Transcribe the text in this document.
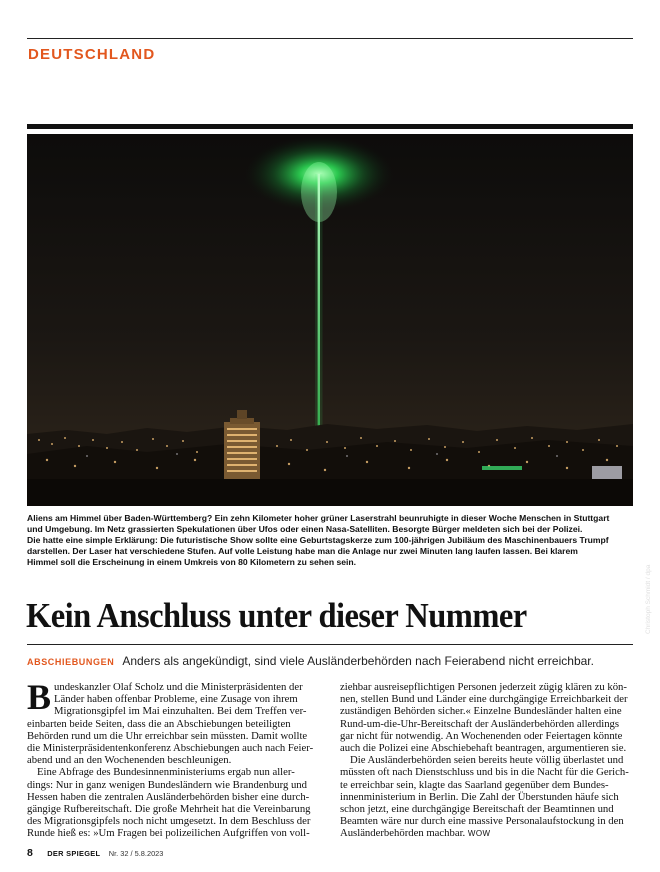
DEUTSCHLAND
Christoph Schmidt / dpa

Aliens am Himmel über Baden-Württemberg? Ein zehn Kilometer hoher grüner Laserstrahl beunruhigte in dieser Woche Menschen in Stuttgart

und Umgebung. Im Netz grassierten Spekulationen über Ufos oder einen Nasa-Satelliten. Besorgte Bürger meldeten sich bei der Polizei.

Die hatte eine simple Erklärung: Die futuristische Show sollte eine Geburtstagskerze zum 100-jährigen Jubiläum des Maschinenbauers Trumpf

darstellen. Der Laser hat verschiedene Stufen. Auf volle Leistung habe man die Anlage nur zwei Minuten lang laufen lassen. Bei klarem

Himmel soll die Erscheinung in einem Umkreis von 80 Kilometern zu sehen sein.

Kein Anschluss unter dieser Nummer
ABSCHIEBUNGEN Anders als angekündigt, sind viele Ausländerbehörden nach Feierabend nicht erreichbar.
B undeskanzler Olaf Scholz und die Ministerpräsidenten der

Länder haben offenbar Probleme, eine Zusage von ihrem

Migrationsgipfel im Mai einzuhalten. Bei dem Treffen ver-

einbarten beide Seiten, dass die an Abschiebungen beteiligten

Behörden rund um die Uhr erreichbar sein müssten. Damit wollte

die Ministerpräsidentenkonferenz Abschiebungen auch nach Feier-

abend und an den Wochenenden beschleunigen.

Eine Abfrage des Bundesinnenministeriums ergab nun aller-

dings: Nur in ganz wenigen Bundesländern wie Brandenburg und

Hessen haben die zentralen Ausländerbehörden bisher eine durch-

gängige Rufbereitschaft. Die große Mehrheit hat die Vereinbarung

des Migrationsgipfels noch nicht umgesetzt. In dem Beschluss der

Runde hieß es: »Um Fragen bei polizeilichen Aufgriffen von voll-

ziehbar ausreisepflichtigen Personen jederzeit zügig klären zu kön-

nen, stellen Bund und Länder eine durchgängige Erreichbarkeit der

zuständigen Behörden sicher.« Einzelne Bundesländer halten eine

Rund-um-die-Uhr-Bereitschaft der Ausländerbehörden allerdings

gar nicht für notwendig. An Wochenenden oder Feiertagen könnte

auch die Polizei eine Abschiebehaft beantragen, argumentieren sie.

Die Ausländerbehörden seien bereits heute völlig überlastet und

müssten oft nach Dienstschluss und bis in die Nacht für die Gerich-

te erreichbar sein, klagte das Saarland gegenüber dem Bundes-

innenministerium in Berlin. Die Zahl der Überstunden häufe sich

schon jetzt, eine durchgängige Bereitschaft der Beamtinnen und

Beamten wäre nur durch eine massive Personalaufstockung in den

Ausländerbehörden machbar. WOW

8 DER SPIEGEL Nr. 32 / 5.8.2023
